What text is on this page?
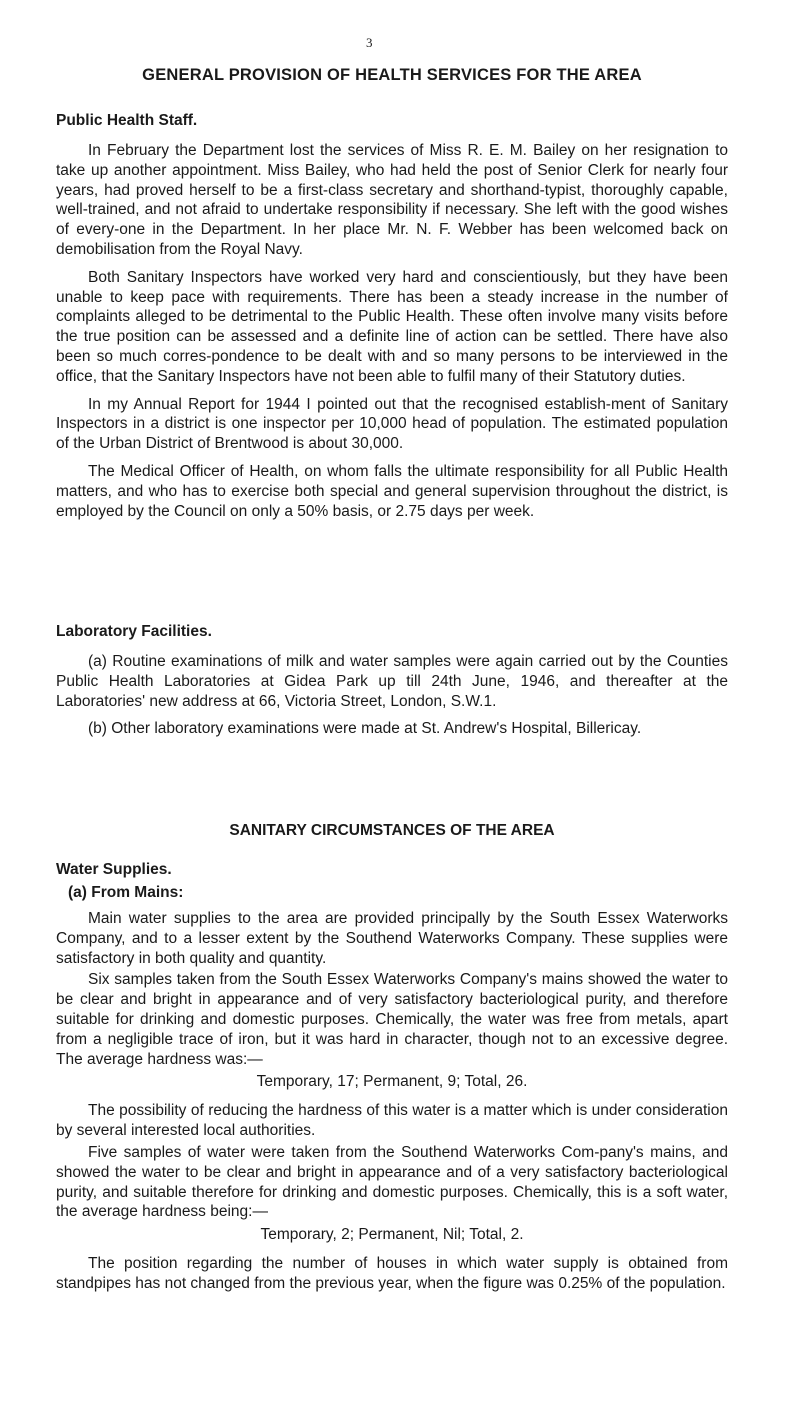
3
GENERAL PROVISION OF HEALTH SERVICES FOR THE AREA
Public Health Staff.

In February the Department lost the services of Miss R. E. M. Bailey on her resignation to take up another appointment. Miss Bailey, who had held the post of Senior Clerk for nearly four years, had proved herself to be a first-class secretary and shorthand-typist, thoroughly capable, well-trained, and not afraid to undertake responsibility if necessary. She left with the good wishes of every-one in the Department. In her place Mr. N. F. Webber has been welcomed back on demobilisation from the Royal Navy.

Both Sanitary Inspectors have worked very hard and conscientiously, but they have been unable to keep pace with requirements. There has been a steady increase in the number of complaints alleged to be detrimental to the Public Health. These often involve many visits before the true position can be assessed and a definite line of action can be settled. There have also been so much corres-pondence to be dealt with and so many persons to be interviewed in the office, that the Sanitary Inspectors have not been able to fulfil many of their Statutory duties.

In my Annual Report for 1944 I pointed out that the recognised establish-ment of Sanitary Inspectors in a district is one inspector per 10,000 head of population. The estimated population of the Urban District of Brentwood is about 30,000.

The Medical Officer of Health, on whom falls the ultimate responsibility for all Public Health matters, and who has to exercise both special and general supervision throughout the district, is employed by the Council on only a 50% basis, or 2.75 days per week.

Laboratory Facilities.

(a) Routine examinations of milk and water samples were again carried out by the Counties Public Health Laboratories at Gidea Park up till 24th June, 1946, and thereafter at the Laboratories' new address at 66, Victoria Street, London, S.W.1.

(b) Other laboratory examinations were made at St. Andrew's Hospital, Billericay.

SANITARY CIRCUMSTANCES OF THE AREA
Water Supplies.
(a) From Mains:

Main water supplies to the area are provided principally by the South Essex Waterworks Company, and to a lesser extent by the Southend Waterworks Company. These supplies were satisfactory in both quality and quantity.

Six samples taken from the South Essex Waterworks Company's mains showed the water to be clear and bright in appearance and of very satisfactory bacteriological purity, and therefore suitable for drinking and domestic purposes. Chemically, the water was free from metals, apart from a negligible trace of iron, but it was hard in character, though not to an excessive degree. The average hardness was:—

Temporary, 17; Permanent, 9; Total, 26.

The possibility of reducing the hardness of this water is a matter which is under consideration by several interested local authorities.

Five samples of water were taken from the Southend Waterworks Com-pany's mains, and showed the water to be clear and bright in appearance and of a very satisfactory bacteriological purity, and suitable therefore for drinking and domestic purposes. Chemically, this is a soft water, the average hardness being:—

Temporary, 2; Permanent, Nil; Total, 2.

The position regarding the number of houses in which water supply is obtained from standpipes has not changed from the previous year, when the figure was 0.25% of the population.
